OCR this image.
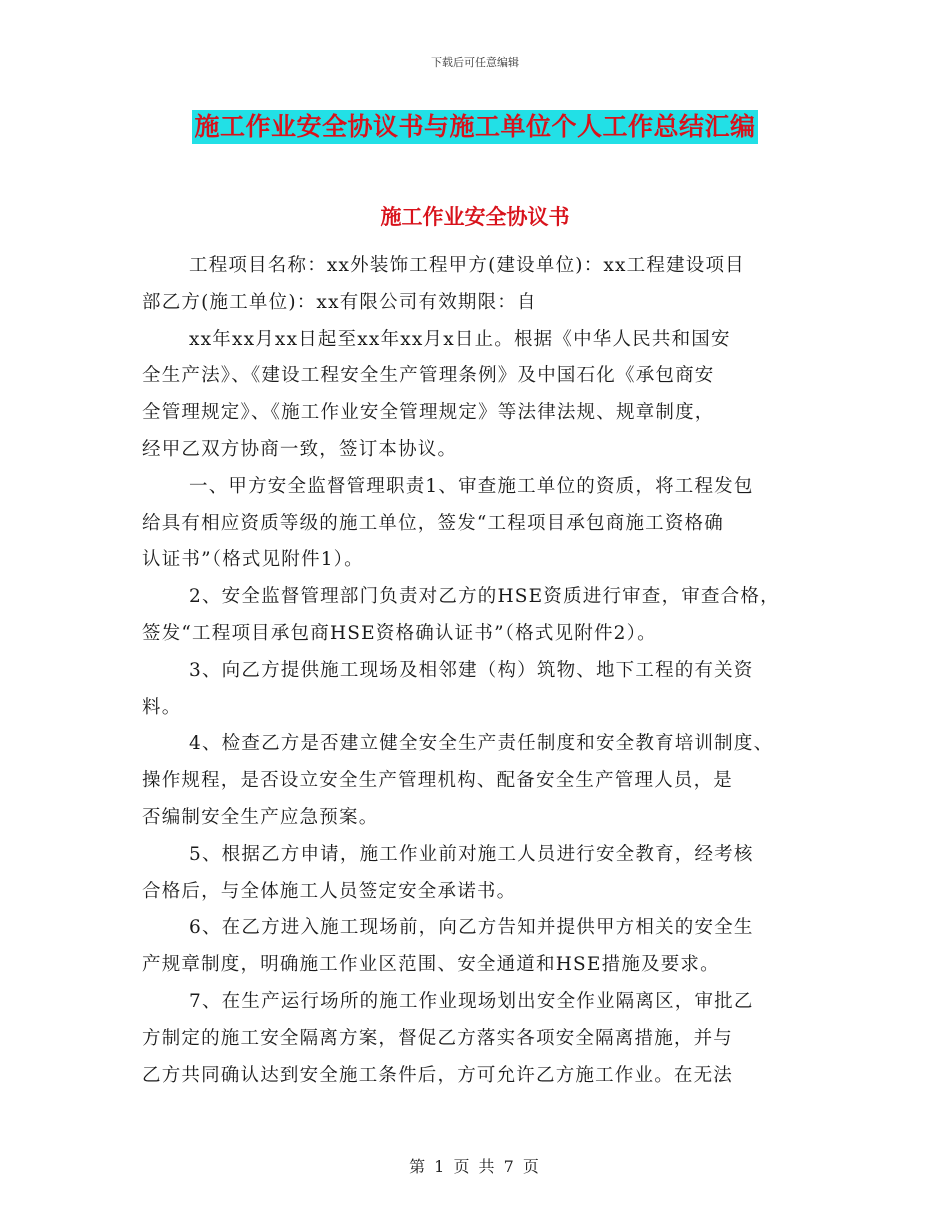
下载后可任意编辑
施工作业安全协议书与施工单位个人工作总结汇编
施工作业安全协议书
工程项目名称：xx外装饰工程甲方(建设单位)：xx工程建设项目
部乙方(施工单位)：xx有限公司有效期限：自
xx年xx月xx日起至xx年xx月x日止。根据《中华人民共和国安
全生产法》、《建设工程安全生产管理条例》及中国石化《承包商安
全管理规定》、《施工作业安全管理规定》等法律法规、规章制度，
经甲乙双方协商一致，签订本协议。
一、甲方安全监督管理职责1、审查施工单位的资质，将工程发包
给具有相应资质等级的施工单位，签发“工程项目承包商施工资格确
认证书”（格式见附件1）。
2、安全监督管理部门负责对乙方的HSE资质进行审查，审查合格，
签发“工程项目承包商HSE资格确认证书”（格式见附件2）。
3、向乙方提供施工现场及相邻建（构）筑物、地下工程的有关资
料。
4、检查乙方是否建立健全安全生产责任制度和安全教育培训制度、
操作规程，是否设立安全生产管理机构、配备安全生产管理人员，是
否编制安全生产应急预案。
5、根据乙方申请，施工作业前对施工人员进行安全教育，经考核
合格后，与全体施工人员签定安全承诺书。
6、在乙方进入施工现场前，向乙方告知并提供甲方相关的安全生
产规章制度，明确施工作业区范围、安全通道和HSE措施及要求。
7、在生产运行场所的施工作业现场划出安全作业隔离区，审批乙
方制定的施工安全隔离方案，督促乙方落实各项安全隔离措施，并与
乙方共同确认达到安全施工条件后，方可允许乙方施工作业。在无法
第 1 页 共 7 页
